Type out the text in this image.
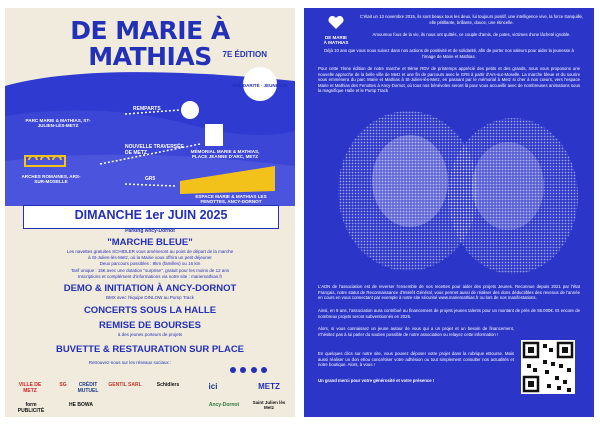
DE MARIE À MATHIAS	7E ÉDITION
SOLIDARITÉ · JEUNESSE
PARC MARIE & MATHIAS, ST-JULIEN-LÈS-METZ
MÉMORIAL MARIE & MATHIAS, PLACE JEANNE D'ARC, METZ
ARCHES ROMAINES, ARS-SUR-MOSELLE
ESPACE MARIE & MATHIAS LES FENOTTES, ANCY-DORNOT
REMPARTS
NOUVELLE TRAVERSÉE DE METZ
GR5
DIMANCHE 1er JUIN 2025
Parking Ancy-Dornot
"MARCHE BLEUE"
Les navettes gratuites SCHIDLER vous amèneront au point de départ de la marche
à St-Julien-lès-Metz, où la Mairie vous offrira un petit déjeuner
Deux parcours possibles : 8km (familles) ou 16 km
Tarif unique : 15€ avec une dotation "surprise", gratuit pour les moins de 12 ans
Inscriptions et complément d'informations via notre site : mariemathias.fr
DEMO & INITIATION À ANCY-DORNOT
BMX avec l'équipe DINLOW au Pump Track
CONCERTS SOUS LA HALLE
REMISE DE BOURSES
à des jeunes porteurs de projets
BUVETTE & RESTAURATION SUR PLACE
Retrouvez-nous sur les réseaux sociaux :

VILLE DE METZ
SG	CRÉDIT MUTUEL
GENTIL SARL	Schidlers	ici	METZ
form PUBLICITÉ
HE BOWA	Ancy-Dornot	Saint Julien lès Metz
DE MARIE
À MATHIAS
C'était un 13 novembre 2015, ils sont beaux tous les deux, lui toujours positif, une intelligence vive, la force tranquille, elle pétillante, brillante, douce, une étincelle.
Amoureux fous de la vie, ils nous ont quittés, ce couple d'amis, de potes, victimes d'une lâcheté ignoble.
Déjà 10 ans que vous nous suivez dans nos actions de positivité et de solidarité, afin de porter nos valeurs pour aider la jeunesse à l'image de Marie et Mathias.
Pour cette 7ème édition de notre marche et 9ème RDV de printemps apprécié des petits et des grands, nous vous proposons une nouvelle approche de la belle ville de Metz et une fin de parcours avec le GR5 à partir d'Ars-sur-Moselle. La marche bleue et du sourire vous emmènera du parc Marie et Mathias à St-Julien-lès-Metz, en passant par le mémorial à Metz si cher à nos cœurs, vers l'espace Marie et Mathias des Fenottes à Ancy-Dornot, où tous nos bénévoles seront là pour vous accueillir avec de nombreuses animations sous la magnifique Halle et le Pump Track
L'ADN de l'association est de reverser l'ensemble de nos recettes pour aider des projets Jeunes. Reconnue depuis 2021 par l'état Français, notre statut de Reconnaissance d'Intérêt Général, vous permet aussi de réaliser des dons déductibles des revenus de l'année en cours en vous connectant par exemple à notre site sécurisé www.mariemathias.fr ou lors de nos manifestations.
Ainsi, en 9 ans, l'association aura contribué au financement de projets jeunes talents pour un montant de près de 55.000€. Et encore de nombreux projets seront subventionnés en 2025.
Alors, si vous connaissez un jeune autour de vous qui a un projet et un besoin de financement, n'hésitez pas à lui parler du soutien possible de notre association ou relayez cette information !
En quelques clics sur notre site, vous pouvez déposer votre projet dans la rubrique eBourse. Mais aussi réaliser un don et/ou concrétiser votre adhésion ou tout simplement consulter nos actualités et notre boutique. Alors, à vous !
Un grand merci pour votre générosité et votre présence !
